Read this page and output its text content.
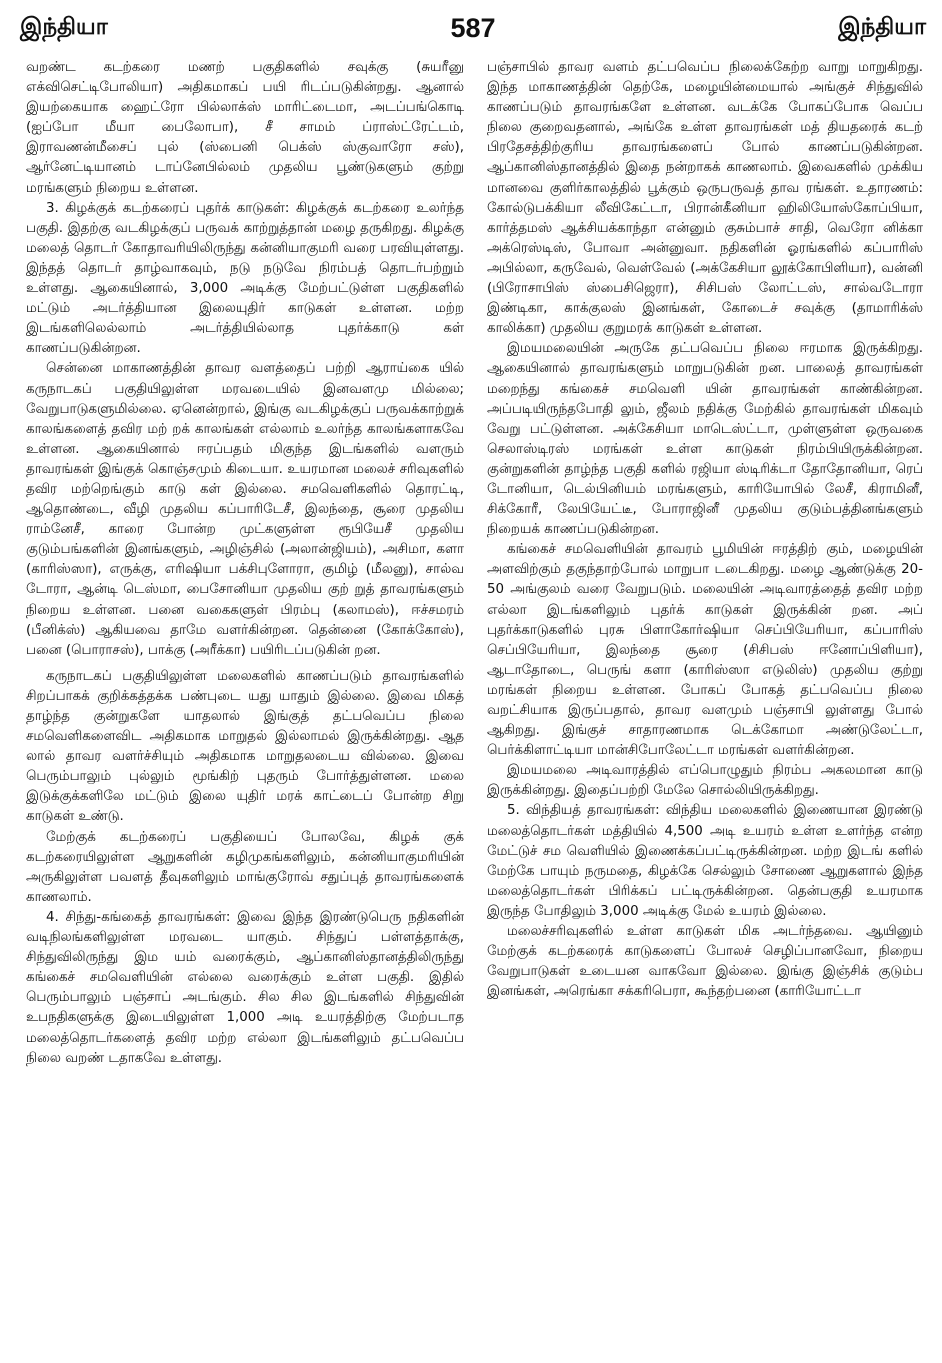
இந்தியா	587	இந்தியா

வறண்ட கடற்கரை மணற் பகுதிகளில் சவுக்கு (சுயரீனு எக்விசெட்டிபோலியா) அதிகமாகப் பயி ரிடப்படுகின்றது. ஆனால் இயற்கையாக ஹைட்ரோ பில்லாக்ஸ் மாரிட்டைமா, அடப்பங்கொடி (ஐப்போ மீயா பைலோபா), சீ சாமம் ப்ராஸ்ட்ரேட்டம், இராவணன்மீசைப் புல் (ஸ்பைனி பெக்ஸ் ஸ்குவாரோ சஸ்), ஆர்னேட்டியானம் டாப்னேபில்லம் முதலிய பூண்டுகளும் குற்று மரங்களும் நிறைய உள்ளன.

3. கிழக்குக் கடற்கரைப் புதர்க் காடுகள்: கிழக்குக் கடற்கரை உலர்ந்த பகுதி. இதற்கு வடகிழக்குப் பருவக் காற்றுத்தான் மழை தருகிறது. கிழக்கு மலைத் தொடர் கோதாவரியிலிருந்து கன்னியாகுமரி வரை பரவியுள்ளது. இந்தத் தொடர் தாழ்வாகவும், நடு நடுவே நிரம்பத் தொடர்பற்றும் உள்ளது. ஆகையினால், 3,000 அடிக்கு மேற்பட்டுள்ள பகுதிகளில் மட்டும் அடர்த்தியான இலையுதிர் காடுகள் உள்ளன. மற்ற இடங்களிலெல்லாம் அடர்த்தியில்லாத புதர்க்காடு கள் காணப்படுகின்றன.

சென்னை மாகாணத்தின் தாவர வளத்தைப் பற்றி ஆராய்கை யில் கருநாடகப் பகுதியிலுள்ள மரவடையில் இனவளமு மில்லை; வேறுபாடுகளுமில்லை. ஏனென்றால், இங்கு வடகிழக்குப் பருவக்காற்றுக் காலங்களைத் தவிர மற் றக் காலங்கள் எல்லாம் உலர்ந்த காலங்களாகவே உள்ளன. ஆகையினால் ஈரப்பதம் மிகுந்த இடங்களில் வளரும் தாவரங்கள் இங்குக் கொஞ்சமும் கிடையா. உயரமான மலைச் சரிவுகளில் தவிர மற்றெங்கும் காடு கள் இல்லை. சமவெளிகளில் தொரட்டி, ஆதொண்டை, வீழி முதலிய கப்பாரிடேசீ, இலந்தை, சூரை முதலிய ராம்னேசீ, காரை போன்ற முட்களுள்ள ரூபியேசீ முதலிய குடும்பங்களின் இனங்களும், அழிஞ்சில் (அலான்ஜியம்), அசிமா, களா (காரிஸ்ஸா), எருக்கு, எரிஷியா பக்சிபுளோரா, குமிழ் (மீலனு), சால்வ டோரா, ஆன்டி டெஸ்மா, பைசோனியா முதலிய குற் றுத் தாவரங்களும் நிறைய உள்ளன. பனை வகைகளுள் பிரம்பு (கலாமஸ்), ஈச்சமரம் (பீனிக்ஸ்) ஆகியவை தாமே வளர்கின்றன. தென்னை (கோக்கோஸ்), பனை (பொராசஸ்), பாக்கு (அரீக்கா) பயிரிடப்படுகின் றன.

கருநாடகப் பகுதியிலுள்ள மலைகளில் காணப்படும் தாவரங்களில் சிறப்பாகக் குறிக்கத்தக்க பண்புடை யது யாதும் இல்லை. இவை மிகத் தாழ்ந்த குன்றுகளே யாதலால் இங்குத் தட்பவெப்ப நிலை சமவெளிகளைவிட அதிகமாக மாறுதல் இல்லாமல் இருக்கின்றது. ஆத லால் தாவர வளர்ச்சியும் அதிகமாக மாறுதலடைய வில்லை. இவை பெரும்பாலும் புல்லும் மூங்கிற் புதரும் போர்த்துள்ளன. மலை இடுக்குக்களிலே மட்டும் இலை யுதிர் மரக் காட்டைப் போன்ற சிறு காடுகள் உண்டு.

மேற்குக் கடற்கரைப் பகுதியைப் போலவே, கிழக் குக் கடற்கரையிலுள்ள ஆறுகளின் கழிமுகங்களிலும், கன்னியாகுமரியின் அருகிலுள்ள பவளத் தீவுகளிலும் மாங்குரோவ் சதுப்புத் தாவரங்களைக் காணலாம்.

4. சிந்து-கங்கைத் தாவரங்கள்: இவை இந்த இரண்டுபெரு நதிகளின் வடிநிலங்களிலுள்ள மரவடை யாகும். சிந்துப் பள்ளத்தாக்கு, சிந்துவிலிருந்து இம யம் வரைக்கும், ஆப்கானிஸ்தானத்திலிருந்து கங்கைச் சமவெளியின் எல்லை வரைக்கும் உள்ள பகுதி. இதில் பெரும்பாலும் பஞ்சாப் அடங்கும். சில சில இடங்களில் சிந்துவின் உபநதிகளுக்கு இடையிலுள்ள 1,000 அடி உயரத்திற்கு மேற்படாத மலைத்தொடர்களைத் தவிர மற்ற எல்லா இடங்களிலும் தட்பவெப்ப நிலை வறண் டதாகவே உள்ளது.

பஞ்சாபில் தாவர வளம் தட்பவெப்ப நிலைக்கேற்ற வாறு மாறுகிறது. இந்த மாகாணத்தின் தெற்கே, மழையின்மையால் அங்குச் சிந்துவில் காணப்படும் தாவரங்களே உள்ளன. வடக்கே போகப்போக வெப்ப நிலை குறைவதனால், அங்கே உள்ள தாவரங்கள் மத் தியதரைக் கடற் பிரதேசத்திற்குரிய தாவரங்களைப் போல் காணப்படுகின்றன. ஆப்கானிஸ்தானத்தில் இதை நன்றாகக் காணலாம். இவைகளில் முக்கிய மானவை குளிர்காலத்தில் பூக்கும் ஒருபருவத் தாவ ரங்கள். உதாரணம்: கோல்டுபக்கியா லீவிகேட்டா, பிரான்கீனியா ஹிலியோஸ்கோப்பியா, கார்த்தமஸ் ஆக்சியக்காந்தா என்னும் குசும்பாச் சாதி, வெரோ னிக்கா அக்ரெஸ்டிஸ், போவா அன்னுவா. நதிகளின் ஓரங்களில் கப்பாரிஸ் அபில்லா, கருவேல், வெள்வேல் (அக்கேசியா லூக்கோபிளியா), வன்னி (பிரோசாபிஸ் ஸ்பைசிஜெரா), சிசிபஸ் லோட்டஸ், சால்வடோரா இண்டிகா, காக்குலஸ் இனங்கள், கோடைச் சவுக்கு (தாமாரிக்ஸ் காலிக்கா) முதலிய குறுமரக் காடுகள் உள்ளன.

இமயமலையின் அருகே தட்பவெப்ப நிலை ஈரமாக இருக்கிறது. ஆகையினால் தாவரங்களும் மாறுபடுகின் றன. பாலைத் தாவரங்கள் மறைந்து கங்கைச் சமவெளி யின் தாவரங்கள் காண்கின்றன. அப்படியிருந்தபோதி லும், ஜீலம் நதிக்கு மேற்கில் தாவரங்கள் மிகவும் வேறு பட்டுள்ளன. அக்கேசியா மாடெஸ்ட்டா, முள்ளுள்ள ஒருவகை செலாஸ்டிரஸ் மரங்கள் உள்ள காடுகள் நிரம்பியிருக்கின்றன. குன்றுகளின் தாழ்ந்த பகுதி களில் ரஜியா ஸ்டிரிக்டா தோதோனியா, ரெப் டோனியா, டெல்பினியம் மரங்களும், காரியோபில் லேசீ, கிராமினீ, சிக்கோரீ, லேபியேட்டீ, போராஜினீ முதலிய குடும்பத்தினங்களும் நிறையக் காணப்படுகின்றன.

கங்கைச் சமவெளியின் தாவரம் பூமியின் ஈரத்திற் கும், மழையின் அளவிற்கும் தகுந்தாற்போல் மாறுபா டடைகிறது. மழை ஆண்டுக்கு 20-50 அங்குலம் வரை வேறுபடும். மலையின் அடிவாரத்தைத் தவிர மற்ற எல்லா இடங்களிலும் புதர்க் காடுகள் இருக்கின் றன. அப் புதர்க்காடுகளில் புரசு பிளாகோர்ஷியா செப்பியேரியா, கப்பாரிஸ் செப்பியேரியா, இலந்தை சூரை (சிசிபஸ் ஈனோப்பிளியா), ஆடாதோடை, பெருங் களா (காரிஸ்ஸா எடுலிஸ்) முதலிய குற்று மரங்கள் நிறைய உள்ளன. போகப் போகத் தட்பவெப்ப நிலை வறட்சியாக இருப்பதால், தாவர வளமும் பஞ்சாபி லுள்ளது போல் ஆகிறது. இங்குச் சாதாரணமாக டெக்கோமா அண்டுலேட்டா, பெர்க்கிளாட்டியா மான்சிபோலேட்டா மரங்கள் வளர்கின்றன.

இமயமலை அடிவாரத்தில் எப்பொழுதும் நிரம்ப அகலமான காடு இருக்கின்றது. இதைப்பற்றி மேலே சொல்லியிருக்கிறது.

5. விந்தியத் தாவரங்கள்: விந்திய மலைகளில் இணையான இரண்டு மலைத்தொடர்கள் மத்தியில் 4,500 அடி உயரம் உள்ள உளர்ந்த என்ற மேட்டுச் சம வெளியில் இணைக்கப்பட்டிருக்கின்றன. மற்ற இடங் களில் மேற்கே பாயும் நருமதை, கிழக்கே செல்லும் சோணை ஆறுகளால் இந்த மலைத்தொடர்கள் பிரிக்கப் பட்டிருக்கின்றன. தென்பகுதி உயரமாக இருந்த போதிலும் 3,000 அடிக்கு மேல் உயரம் இல்லை.

மலைச்சரிவுகளில் உள்ள காடுகள் மிக அடர்ந்தவை. ஆயினும் மேற்குக் கடற்கரைக் காடுகளைப் போலச் செழிப்பானவோ, நிறைய வேறுபாடுகள் உடையன வாகவோ இல்லை. இங்கு இஞ்சிக் குடும்ப இனங்கள், அரெங்கா சக்கரிபெரா, கூந்தற்பனை (காரியோட்டா
